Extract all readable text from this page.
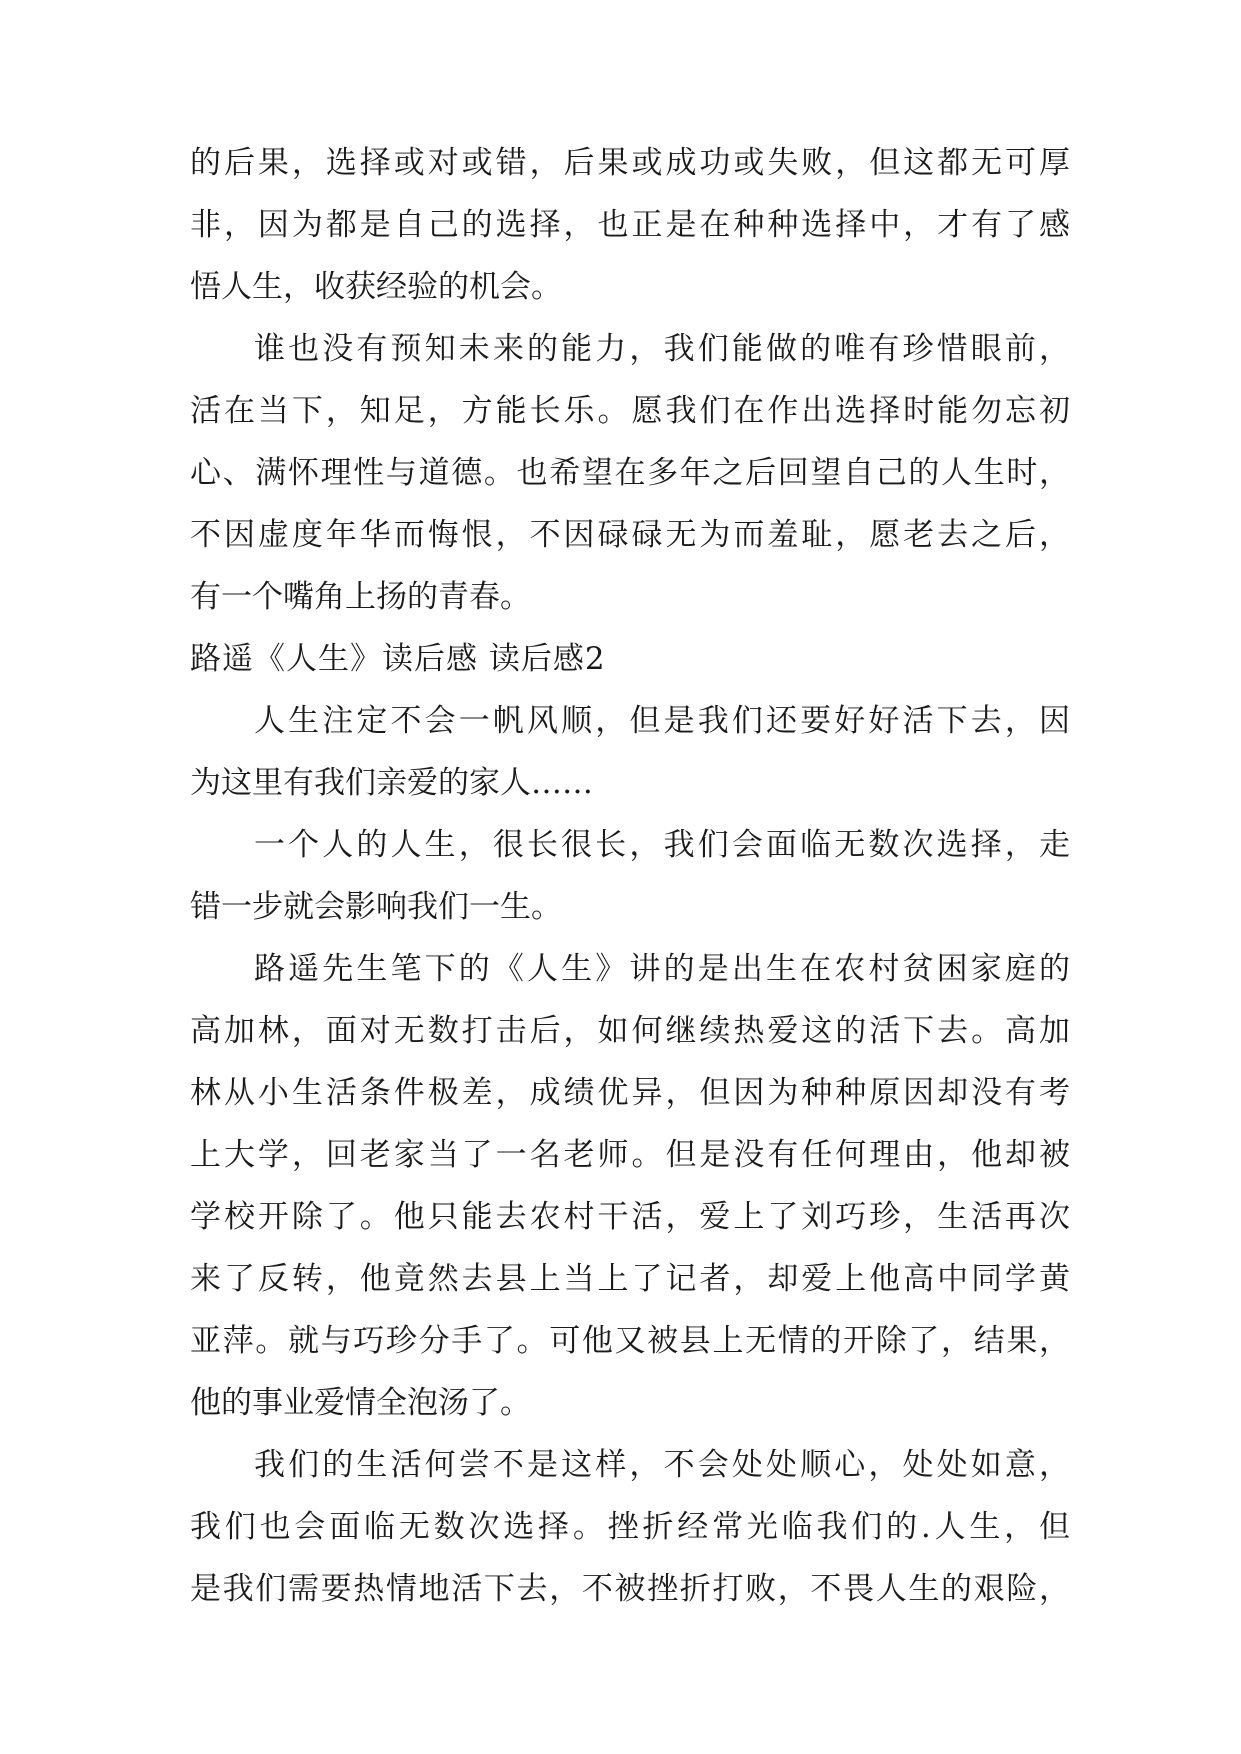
的后果，选择或对或错，后果或成功或失败，但这都无可厚
非，因为都是自己的选择，也正是在种种选择中，才有了感
悟人生，收获经验的机会。
谁也没有预知未来的能力，我们能做的唯有珍惜眼前，
活在当下，知足，方能长乐。愿我们在作出选择时能勿忘初
心、满怀理性与道德。也希望在多年之后回望自己的人生时，
不因虚度年华而悔恨，不因碌碌无为而羞耻，愿老去之后，
有一个嘴角上扬的青春。
路遥《人生》读后感 读后感2
人生注定不会一帆风顺，但是我们还要好好活下去，因
为这里有我们亲爱的家人……
一个人的人生，很长很长，我们会面临无数次选择，走
错一步就会影响我们一生。
路遥先生笔下的《人生》讲的是出生在农村贫困家庭的
高加林，面对无数打击后，如何继续热爱这的活下去。高加
林从小生活条件极差，成绩优异，但因为种种原因却没有考
上大学，回老家当了一名老师。但是没有任何理由，他却被
学校开除了。他只能去农村干活，爱上了刘巧珍，生活再次
来了反转，他竟然去县上当上了记者，却爱上他高中同学黄
亚萍。就与巧珍分手了。可他又被县上无情的开除了，结果，
他的事业爱情全泡汤了。
我们的生活何尝不是这样，不会处处顺心，处处如意，
我们也会面临无数次选择。挫折经常光临我们的.人生，但
是我们需要热情地活下去，不被挫折打败，不畏人生的艰险，
